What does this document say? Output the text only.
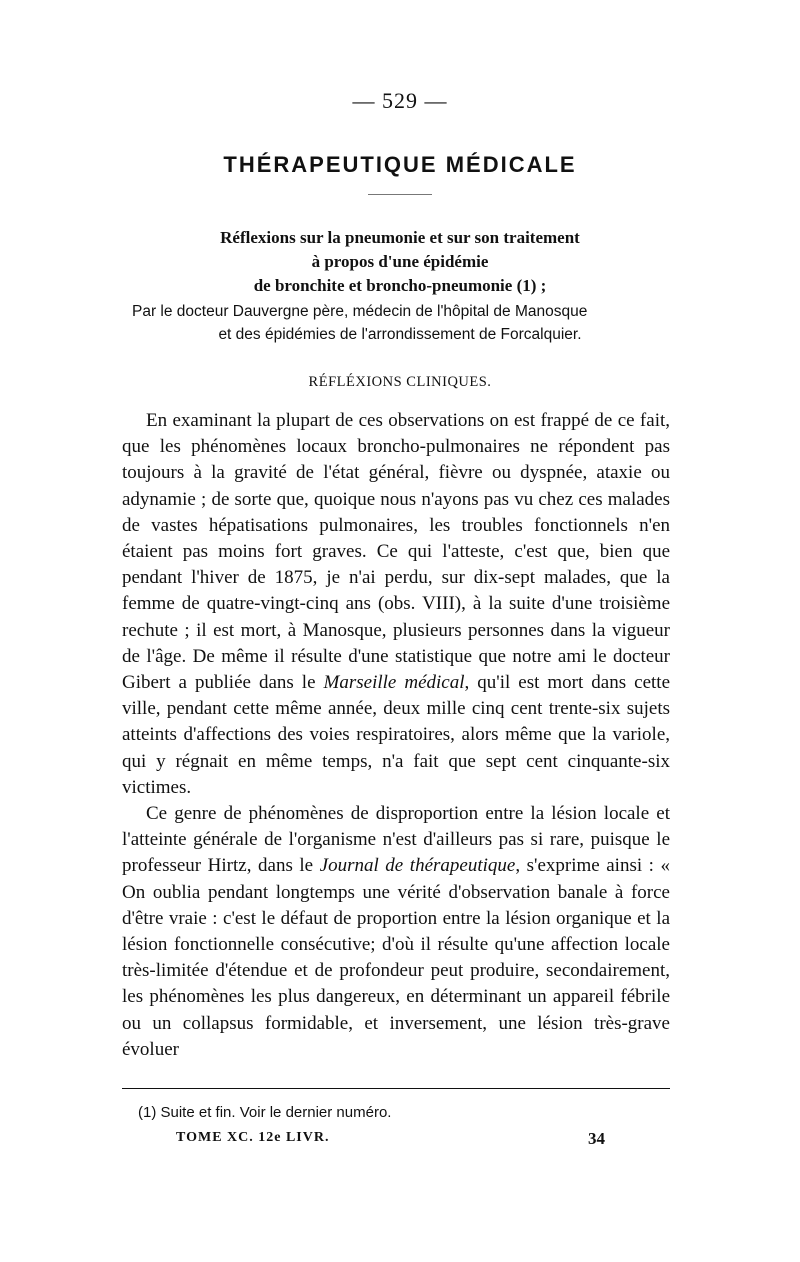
— 529 —
THÉRAPEUTIQUE MÉDICALE
Réflexions sur la pneumonie et sur son traitement
à propos d'une épidémie
de bronchite et broncho-pneumonie (1) ;
Par le docteur Dauvergne père, médecin de l'hôpital de Manosque
et des épidémies de l'arrondissement de Forcalquier.
RÉFLÉXIONS CLINIQUES.

En examinant la plupart de ces observations on est frappé de ce fait, que les phénomènes locaux broncho-pulmonaires ne répondent pas toujours à la gravité de l'état général, fièvre ou dyspnée, ataxie ou adynamie ; de sorte que, quoique nous n'ayons pas vu chez ces malades de vastes hépatisations pulmonaires, les troubles fonctionnels n'en étaient pas moins fort graves. Ce qui l'atteste, c'est que, bien que pendant l'hiver de 1875, je n'ai perdu, sur dix-sept malades, que la femme de quatre-vingt-cinq ans (obs. VIII), à la suite d'une troisième rechute ; il est mort, à Manosque, plusieurs personnes dans la vigueur de l'âge. De même il résulte d'une statistique que notre ami le docteur Gibert a publiée dans le Marseille médical, qu'il est mort dans cette ville, pendant cette même année, deux mille cinq cent trente-six sujets atteints d'affections des voies respiratoires, alors même que la variole, qui y régnait en même temps, n'a fait que sept cent cinquante-six victimes.

Ce genre de phénomènes de disproportion entre la lésion locale et l'atteinte générale de l'organisme n'est d'ailleurs pas si rare, puisque le professeur Hirtz, dans le Journal de thérapeutique, s'exprime ainsi : « On oublia pendant longtemps une vérité d'observation banale à force d'être vraie : c'est le défaut de proportion entre la lésion organique et la lésion fonctionnelle consécutive; d'où il résulte qu'une affection locale très-limitée d'étendue et de profondeur peut produire, secondairement, les phénomènes les plus dangereux, en déterminant un appareil fébrile ou un collapsus formidable, et inversement, une lésion très-grave évoluer

(1) Suite et fin. Voir le dernier numéro.
TOME XC. 12e LIVR.	34
